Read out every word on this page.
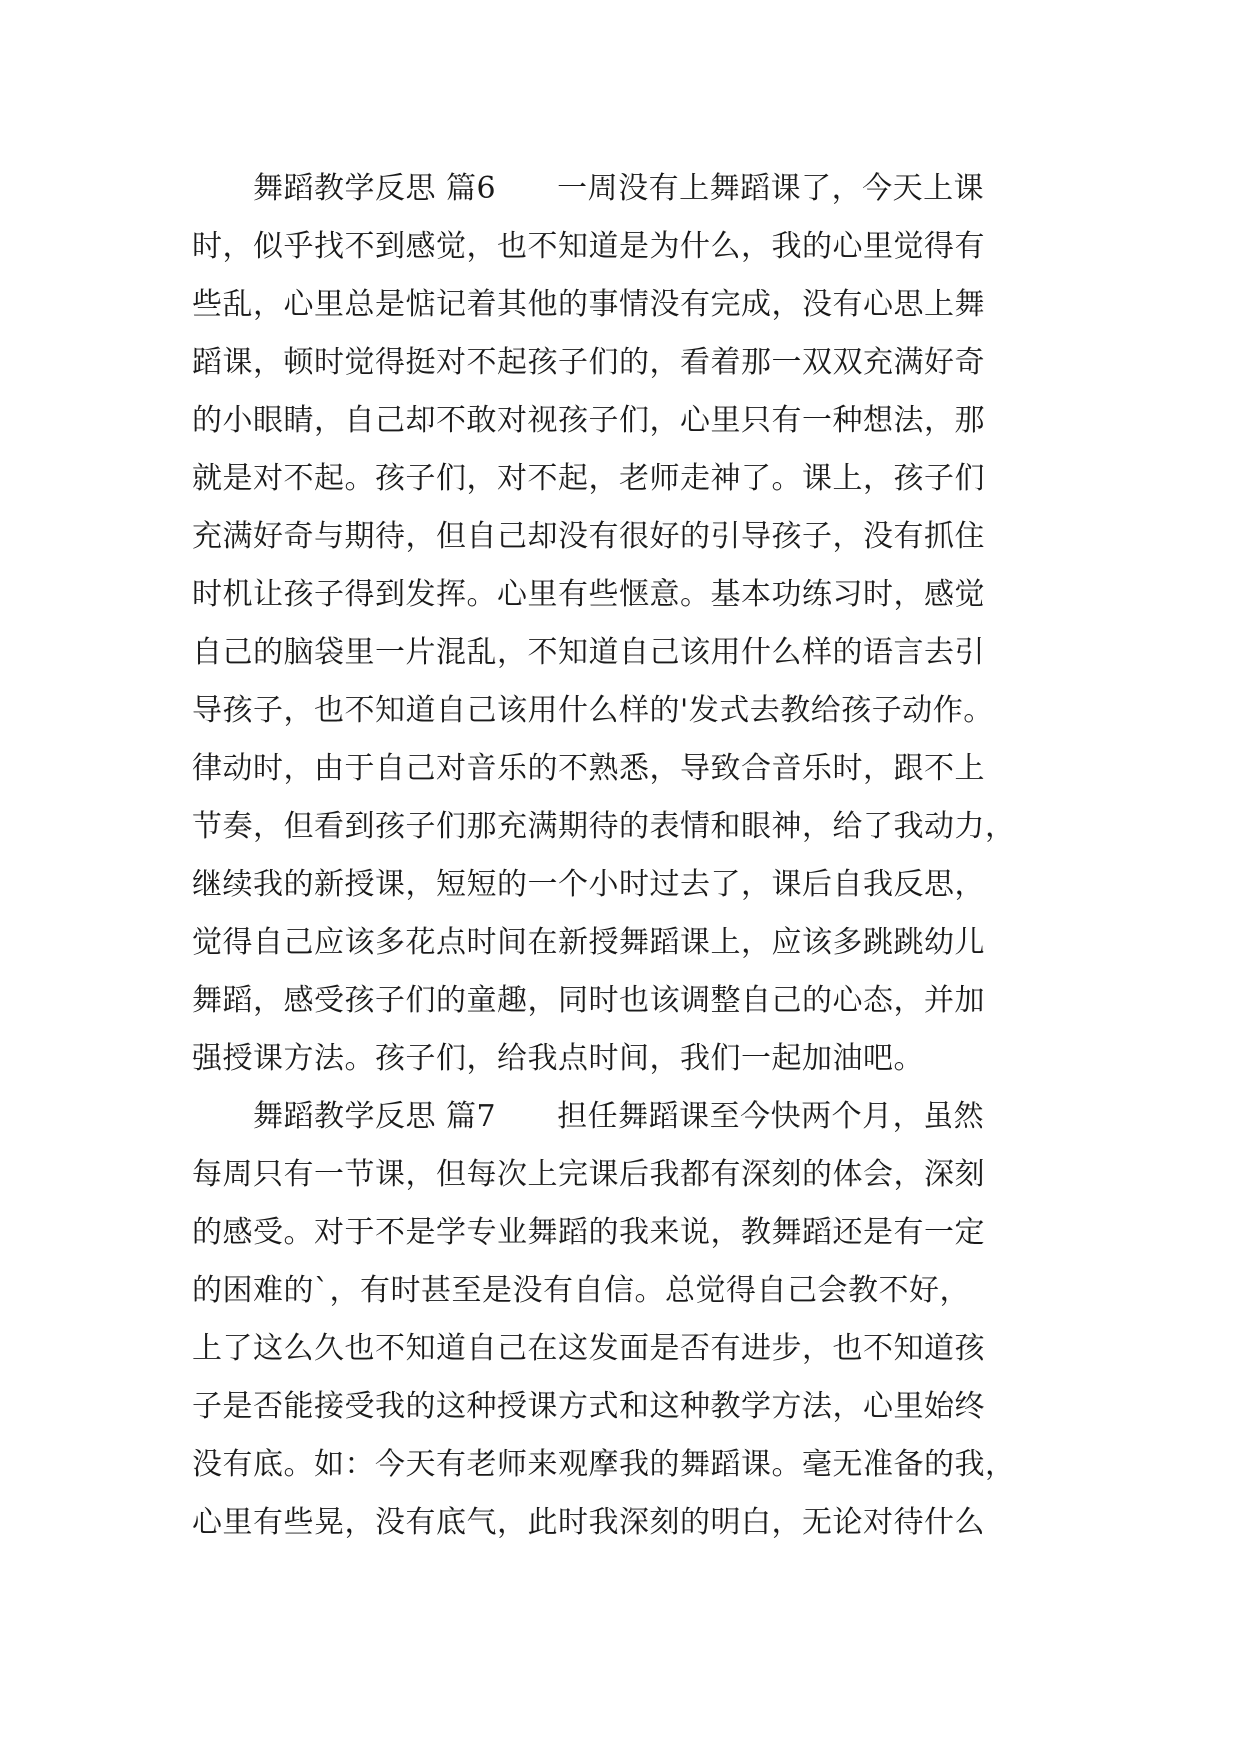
　　舞蹈教学反思 篇6　　一周没有上舞蹈课了，今天上课
时，似乎找不到感觉，也不知道是为什么，我的心里觉得有
些乱，心里总是惦记着其他的事情没有完成，没有心思上舞
蹈课，顿时觉得挺对不起孩子们的，看着那一双双充满好奇
的小眼睛，自己却不敢对视孩子们，心里只有一种想法，那
就是对不起。孩子们，对不起，老师走神了。课上，孩子们
充满好奇与期待，但自己却没有很好的引导孩子，没有抓住
时机让孩子得到发挥。心里有些惬意。基本功练习时，感觉
自己的脑袋里一片混乱，不知道自己该用什么样的语言去引
导孩子，也不知道自己该用什么样的'发式去教给孩子动作。
律动时，由于自己对音乐的不熟悉，导致合音乐时，跟不上
节奏，但看到孩子们那充满期待的表情和眼神，给了我动力，
继续我的新授课，短短的一个小时过去了，课后自我反思，
觉得自己应该多花点时间在新授舞蹈课上，应该多跳跳幼儿
舞蹈，感受孩子们的童趣，同时也该调整自己的心态，并加
强授课方法。孩子们，给我点时间，我们一起加油吧。
　　舞蹈教学反思 篇7　　担任舞蹈课至今快两个月，虽然
每周只有一节课，但每次上完课后我都有深刻的体会，深刻
的感受。对于不是学专业舞蹈的我来说，教舞蹈还是有一定
的困难的`，有时甚至是没有自信。总觉得自己会教不好，
上了这么久也不知道自己在这发面是否有进步，也不知道孩
子是否能接受我的这种授课方式和这种教学方法，心里始终
没有底。如：今天有老师来观摩我的舞蹈课。毫无准备的我，
心里有些晃，没有底气，此时我深刻的明白，无论对待什么
